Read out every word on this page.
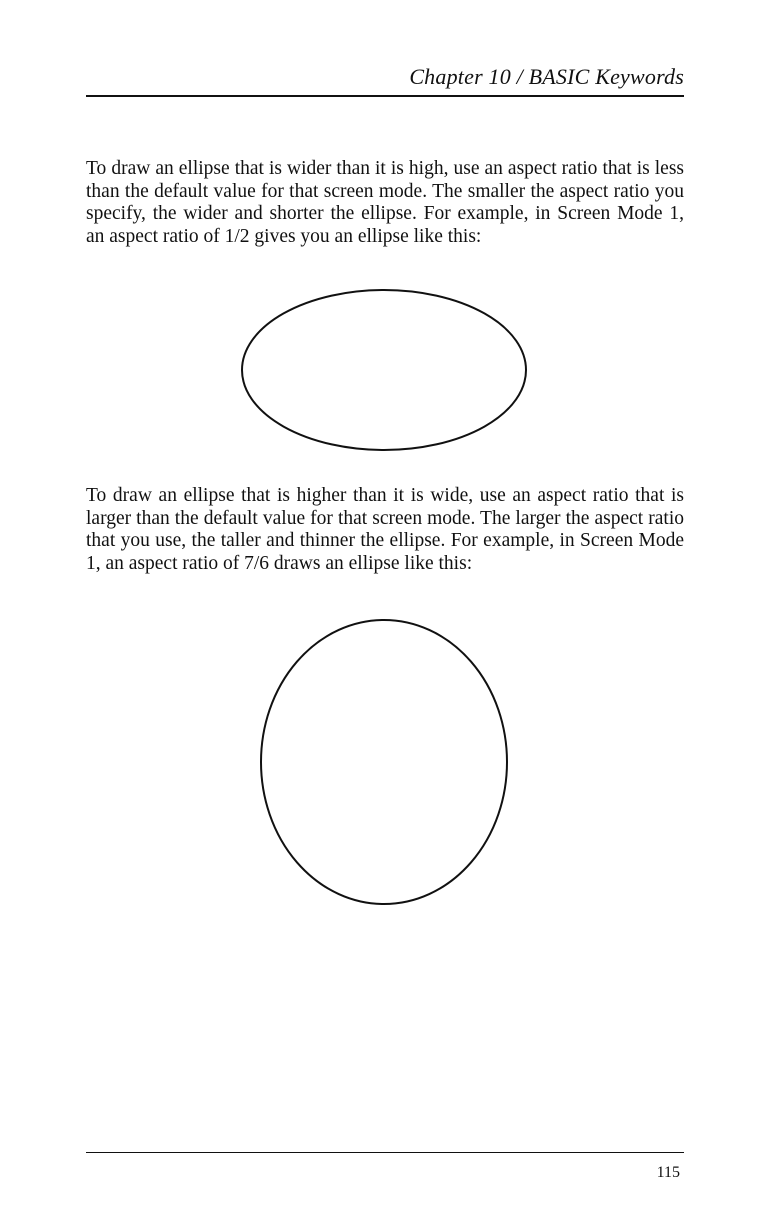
Chapter 10 / BASIC Keywords

To draw an ellipse that is wider than it is high, use an aspect ratio that is less than the default value for that screen mode. The smaller the aspect ratio you specify, the wider and shorter the ellipse. For example, in Screen Mode 1, an aspect ratio of 1/2 gives you an ellipse like this:

To draw an ellipse that is higher than it is wide, use an aspect ratio that is larger than the default value for that screen mode. The larger the aspect ratio that you use, the taller and thinner the ellipse. For example, in Screen Mode 1, an aspect ratio of 7/6 draws an ellipse like this:

115
